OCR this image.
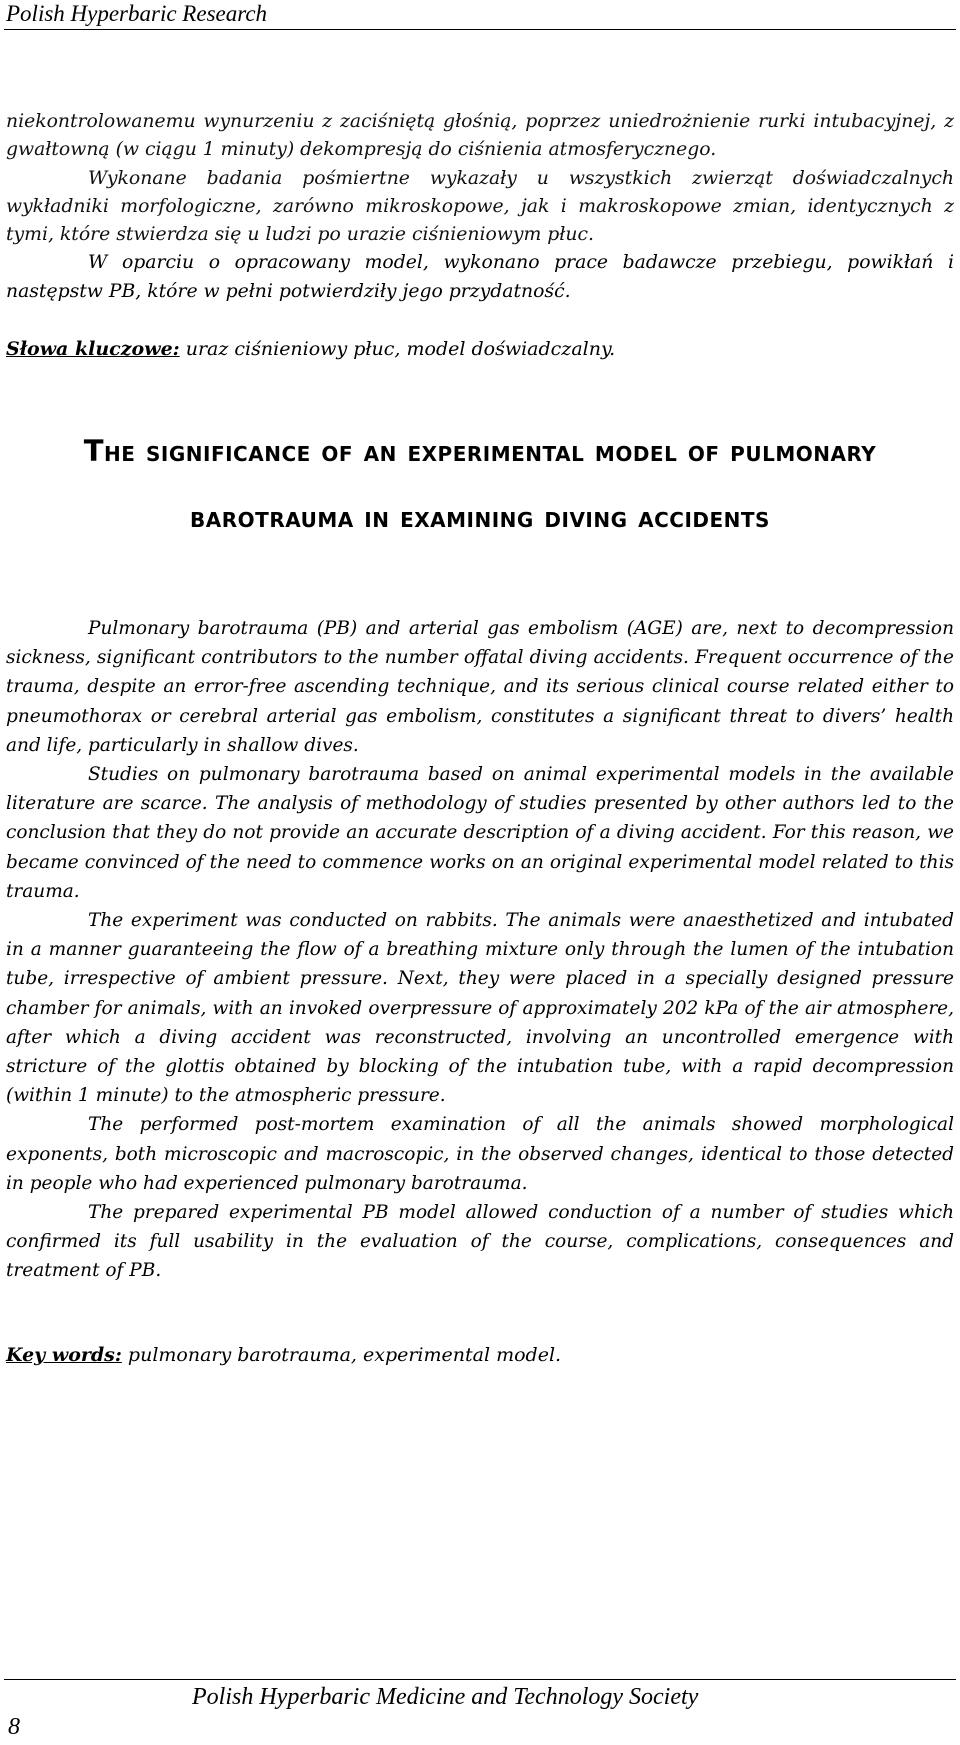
Polish Hyperbaric Research

niekontrolowanemu wynurzeniu z zaciśniętą głośnią, poprzez uniedrożnienie rurki intubacyjnej, z gwałtowną (w ciągu 1 minuty) dekompresją do ciśnienia atmosferycznego.

Wykonane badania pośmiertne wykazały u wszystkich zwierząt doświadczalnych wykładniki morfologiczne, zarówno mikroskopowe, jak i makroskopowe zmian, identycznych z tymi, które stwierdza się u ludzi po urazie ciśnieniowym płuc.

W oparciu o opracowany model, wykonano prace badawcze przebiegu, powikłań i następstw PB, które w pełni potwierdziły jego przydatność.

Słowa kluczowe: uraz ciśnieniowy płuc, model doświadczalny.
The significance of an experimental model of pulmonary
barotrauma in examining diving accidents

Pulmonary barotrauma (PB) and arterial gas embolism (AGE) are, next to decompression sickness, significant contributors to the number offatal diving accidents. Frequent occurrence of the trauma, despite an error-free ascending technique, and its serious clinical course related either to pneumothorax or cerebral arterial gas embolism, constitutes a significant threat to divers’ health and life, particularly in shallow dives.

Studies on pulmonary barotrauma based on animal experimental models in the available literature are scarce. The analysis of methodology of studies presented by other authors led to the conclusion that they do not provide an accurate description of a diving accident. For this reason, we became convinced of the need to commence works on an original experimental model related to this trauma.

The experiment was conducted on rabbits. The animals were anaesthetized and intubated in a manner guaranteeing the flow of a breathing mixture only through the lumen of the intubation tube, irrespective of ambient pressure. Next, they were placed in a specially designed pressure chamber for animals, with an invoked overpressure of approximately 202 kPa of the air atmosphere, after which a diving accident was reconstructed, involving an uncontrolled emergence with stricture of the glottis obtained by blocking of the intubation tube, with a rapid decompression (within 1 minute) to the atmospheric pressure.

The performed post-mortem examination of all the animals showed morphological exponents, both microscopic and macroscopic, in the observed changes, identical to those detected in people who had experienced pulmonary barotrauma.

The prepared experimental PB model allowed conduction of a number of studies which confirmed its full usability in the evaluation of the course, complications, consequences and treatment of PB.

Key words: pulmonary barotrauma, experimental model.
Polish Hyperbaric Medicine and Technology Society
8
